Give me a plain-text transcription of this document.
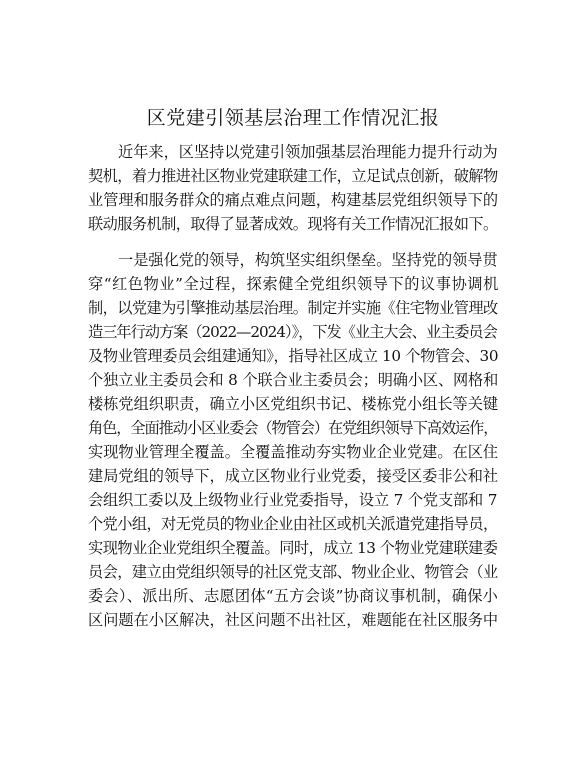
区党建引领基层治理工作情况汇报
近年来，区坚持以党建引领加强基层治理能力提升行动为
契机，着力推进社区物业党建联建工作，立足试点创新，破解物
业管理和服务群众的痛点难点问题，构建基层党组织领导下的
联动服务机制，取得了显著成效。现将有关工作情况汇报如下。
一是强化党的领导，构筑坚实组织堡垒。坚持党的领导贯
穿“红色物业”全过程，探索健全党组织领导下的议事协调机
制，以党建为引擎推动基层治理。制定并实施《住宅物业管理改
造三年行动方案（2022—2024）》，下发《业主大会、业主委员会
及物业管理委员会组建通知》，指导社区成立 10 个物管会、30
个独立业主委员会和 8 个联合业主委员会；明确小区、网格和
楼栋党组织职责，确立小区党组织书记、楼栋党小组长等关键
角色，全面推动小区业委会（物管会）在党组织领导下高效运作，
实现物业管理全覆盖。全覆盖推动夯实物业企业党建。在区住
建局党组的领导下，成立区物业行业党委，接受区委非公和社
会组织工委以及上级物业行业党委指导，设立 7 个党支部和 7
个党小组，对无党员的物业企业由社区或机关派遣党建指导员，
实现物业企业党组织全覆盖。同时，成立 13 个物业党建联建委
员会，建立由党组织领导的社区党支部、物业企业、物管会（业
委会）、派出所、志愿团体“五方会谈”协商议事机制，确保小
区问题在小区解决，社区问题不出社区，难题能在社区服务中
